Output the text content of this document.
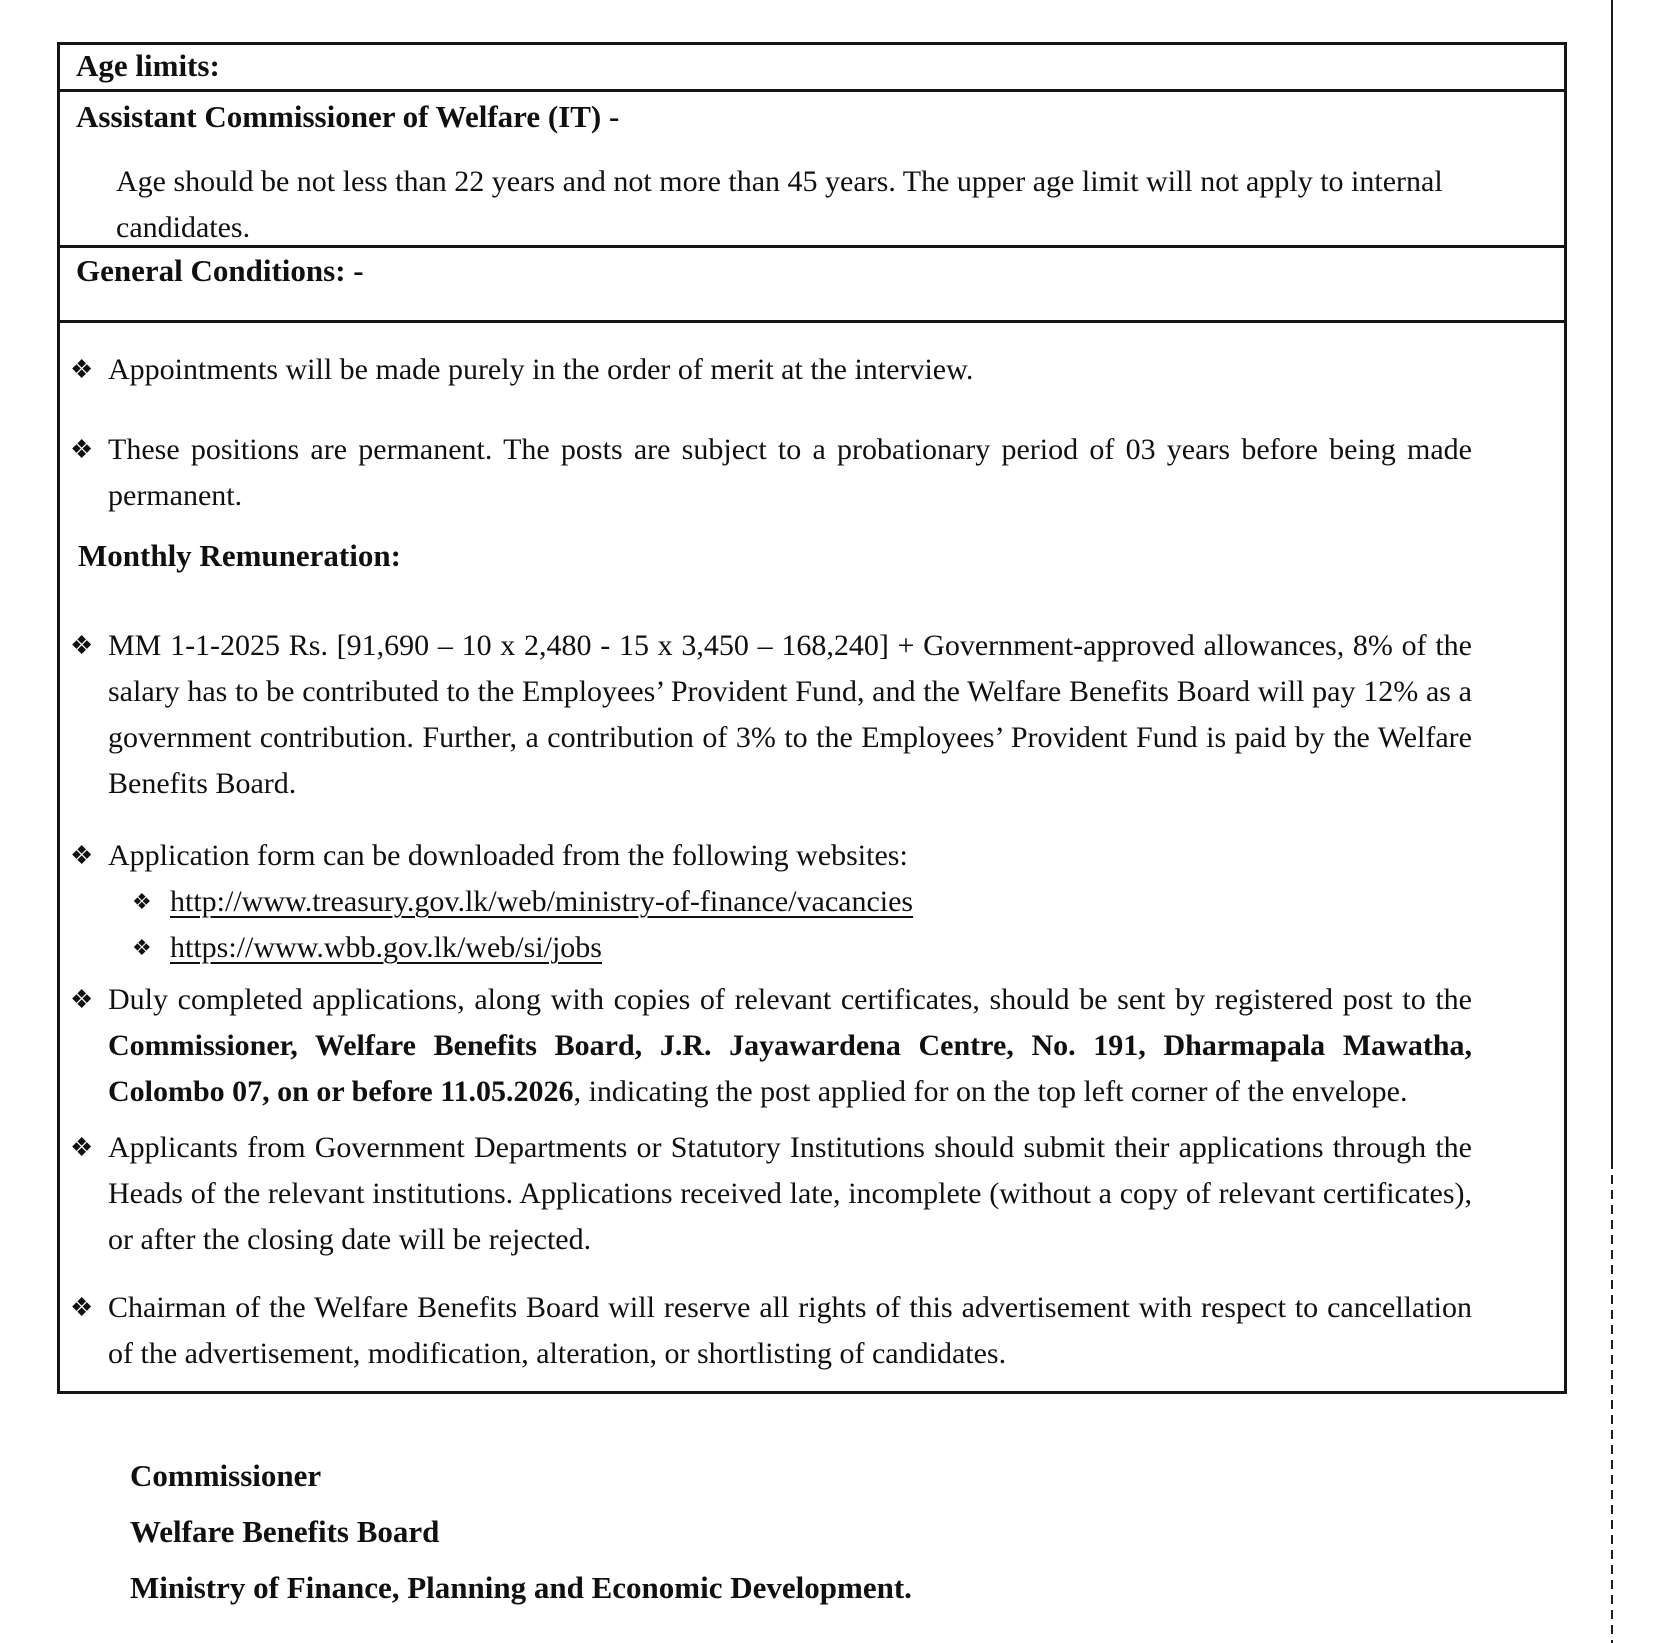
Age limits:
Assistant Commissioner of Welfare (IT) -
Age should be not less than 22 years and not more than 45 years. The upper age limit will not apply to internal candidates.
General Conditions: -
❖ Appointments will be made purely in the order of merit at the interview.
❖ These positions are permanent. The posts are subject to a probationary period of 03 years before being made permanent.
Monthly Remuneration:
❖ MM 1-1-2025 Rs. [91,690 – 10 x 2,480 - 15 x 3,450 – 168,240] + Government-approved allowances, 8% of the salary has to be contributed to the Employees’ Provident Fund, and the Welfare Benefits Board will pay 12% as a government contribution. Further, a contribution of 3% to the Employees’ Provident Fund is paid by the Welfare Benefits Board.
❖ Application form can be downloaded from the following websites:
❖ http://www.treasury.gov.lk/web/ministry-of-finance/vacancies
❖ https://www.wbb.gov.lk/web/si/jobs
❖ Duly completed applications, along with copies of relevant certificates, should be sent by registered post to the Commissioner, Welfare Benefits Board, J.R. Jayawardena Centre, No. 191, Dharmapala Mawatha, Colombo 07, on or before 11.05.2026, indicating the post applied for on the top left corner of the envelope.
❖ Applicants from Government Departments or Statutory Institutions should submit their applications through the Heads of the relevant institutions. Applications received late, incomplete (without a copy of relevant certificates), or after the closing date will be rejected.
❖ Chairman of the Welfare Benefits Board will reserve all rights of this advertisement with respect to cancellation of the advertisement, modification, alteration, or shortlisting of candidates.
Commissioner
Welfare Benefits Board
Ministry of Finance, Planning and Economic Development.
